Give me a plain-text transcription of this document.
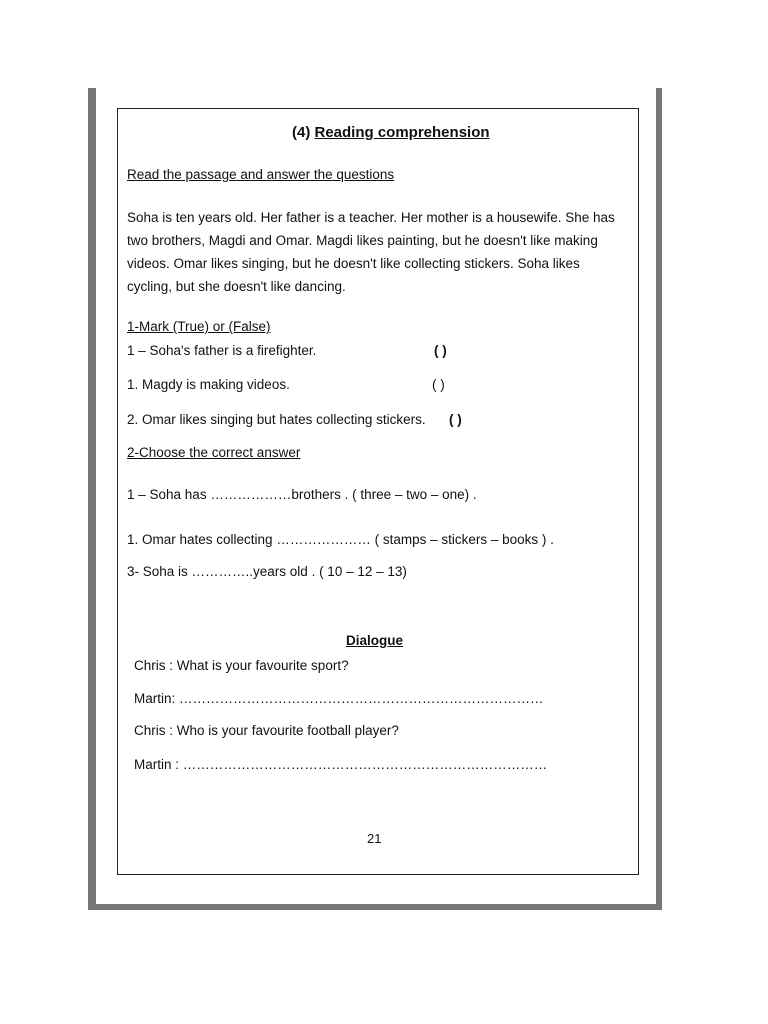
(4) Reading comprehension
Read the passage and answer the questions
Soha is ten years old. Her father is a teacher. Her mother is a housewife. She has two brothers, Magdi and Omar. Magdi likes painting, but he doesn't like making videos. Omar likes singing, but he doesn't like collecting stickers. Soha likes cycling, but she doesn't like dancing.
1-Mark (True) or (False)
1 – Soha's father is a firefighter.	( )
1. Magdy is making videos.	( )
2. Omar likes singing but hates collecting stickers. ( )
2-Choose the correct answer
1 – Soha has ………………brothers . ( three – two – one) .
1. Omar hates collecting ………………… ( stamps – stickers – books ) .
3- Soha is …………..years old . ( 10 – 12 – 13)
Dialogue
Chris : What is your favourite sport?
Martin: ………………………………………………………………………
Chris : Who is your favourite football player?
Martin : ………………………………………………………………………
21
